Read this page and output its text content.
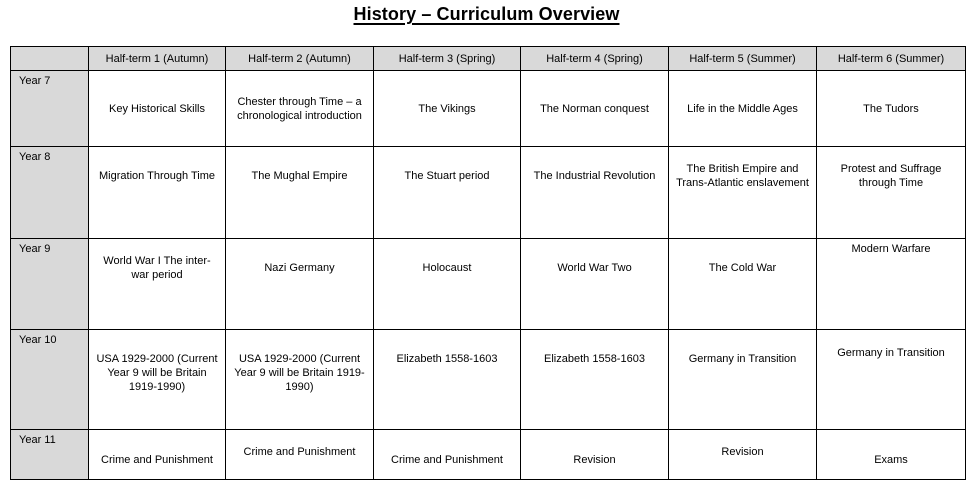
History – Curriculum Overview
	Half-term 1 (Autumn)	Half-term 2 (Autumn)	Half-term 3 (Spring)	Half-term 4 (Spring)	Half-term 5 (Summer)	Half-term 6 (Summer)
Year 7	Key Historical Skills	Chester through Time – a chronological introduction	The Vikings	The Norman conquest	Life in the Middle Ages	The Tudors
Year 8	Migration Through Time	The Mughal Empire	The Stuart period	The Industrial Revolution	The British Empire and Trans-Atlantic enslavement	Protest and Suffrage through Time
Year 9	World War I The inter-war period	Nazi Germany	Holocaust	World War Two	The Cold War	Modern Warfare
Year 10	USA 1929-2000 (Current Year 9 will be Britain 1919-1990)	USA 1929-2000 (Current Year 9 will be Britain 1919-1990)	Elizabeth 1558-1603	Elizabeth 1558-1603	Germany in Transition	Germany in Transition
Year 11	Crime and Punishment	Crime and Punishment	Crime and Punishment	Revision	Revision	Exams
